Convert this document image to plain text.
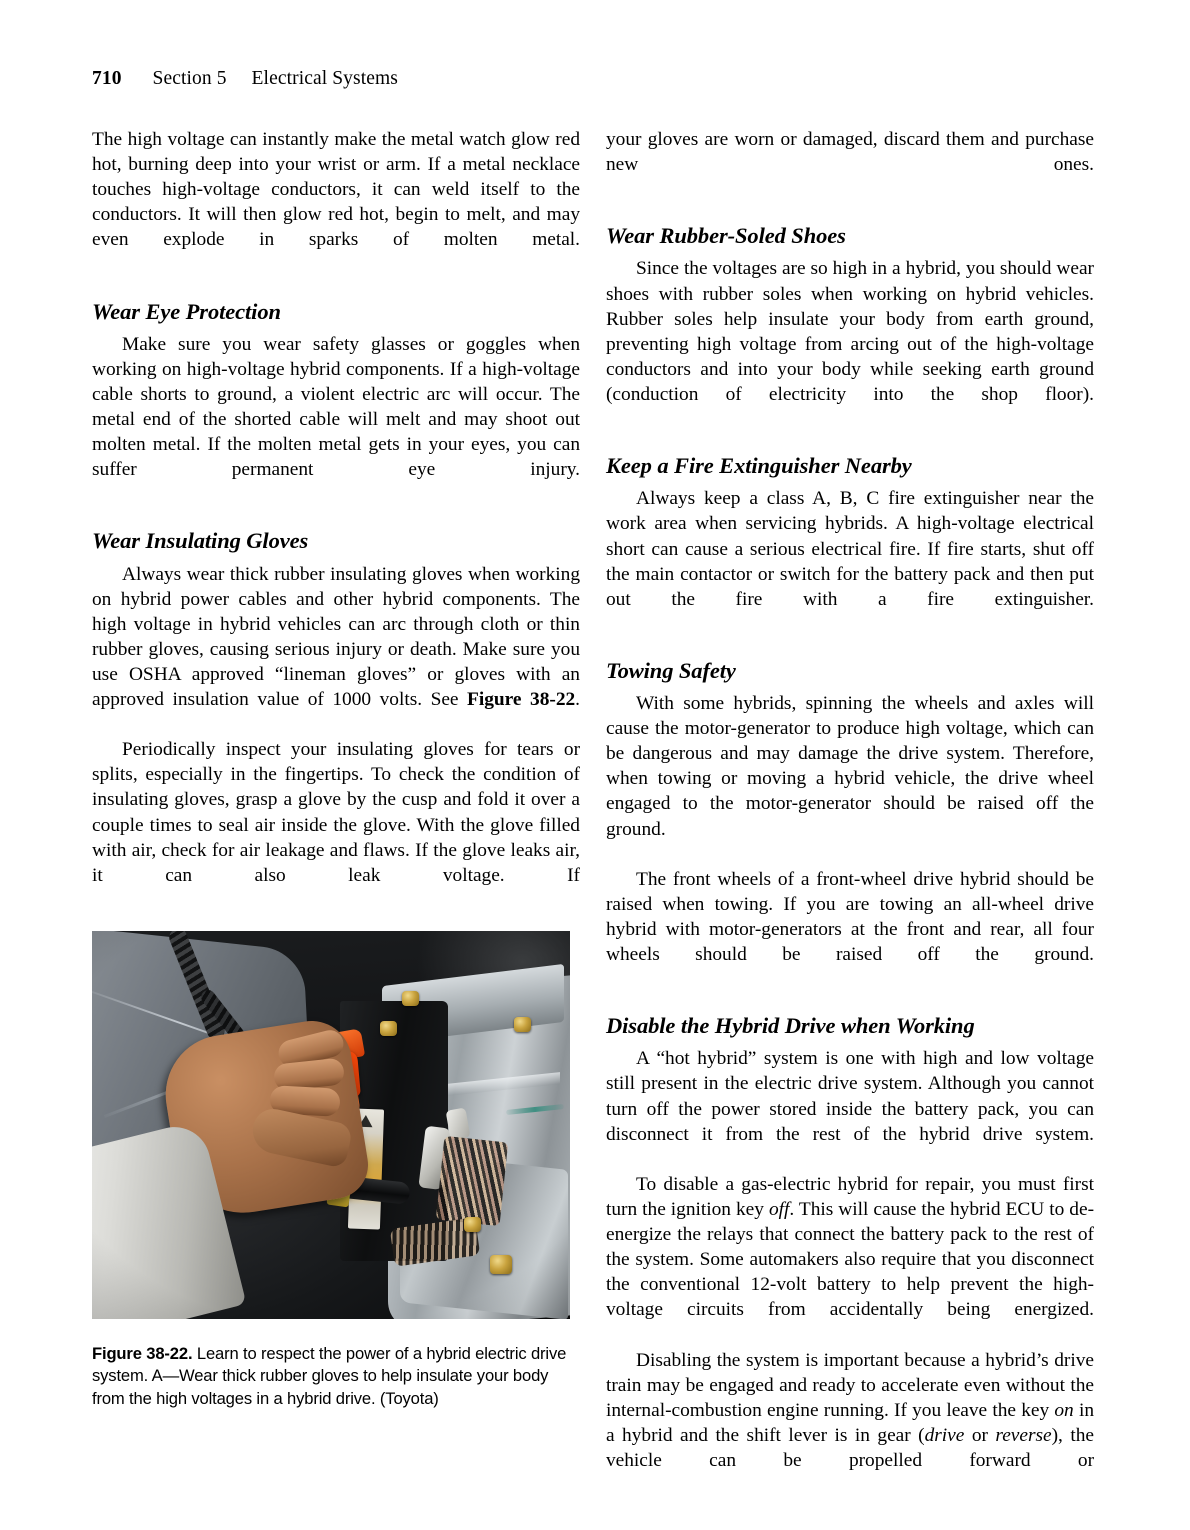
710 Section 5 Electrical Systems

The high voltage can instantly make the metal watch glow red hot, burning deep into your wrist or arm. If a metal necklace touches high-voltage conductors, it can weld itself to the conductors. It will then glow red hot, begin to melt, and may even explode in sparks of molten metal.

Wear Eye Protection

Make sure you wear safety glasses or goggles when working on high-voltage hybrid components. If a high-voltage cable shorts to ground, a violent electric arc will occur. The metal end of the shorted cable will melt and may shoot out molten metal. If the molten metal gets in your eyes, you can suffer permanent eye injury.

Wear Insulating Gloves

Always wear thick rubber insulating gloves when working on hybrid power cables and other hybrid components. The high voltage in hybrid vehicles can arc through cloth or thin rubber gloves, causing serious injury or death. Make sure you use OSHA approved “lineman gloves” or gloves with an approved insulation value of 1000 volts. See Figure 38-22.

Periodically inspect your insulating gloves for tears or splits, especially in the fingertips. To check the condition of insulating gloves, grasp a glove by the cusp and fold it over a couple times to seal air inside the glove. With the glove filled with air, check for air leakage and flaws. If the glove leaks air, it can also leak voltage. If

Figure 38-22. Learn to respect the power of a hybrid electric drive system. A—Wear thick rubber gloves to help insulate your body from the high voltages in a hybrid drive. (Toyota)

your gloves are worn or damaged, discard them and purchase new ones.

Wear Rubber-Soled Shoes

Since the voltages are so high in a hybrid, you should wear shoes with rubber soles when working on hybrid vehicles. Rubber soles help insulate your body from earth ground, preventing high voltage from arcing out of the high-voltage conductors and into your body while seeking earth ground (conduction of electricity into the shop floor).

Keep a Fire Extinguisher Nearby

Always keep a class A, B, C fire extinguisher near the work area when servicing hybrids. A high-voltage electrical short can cause a serious electrical fire. If fire starts, shut off the main contactor or switch for the battery pack and then put out the fire with a fire extinguisher.

Towing Safety

With some hybrids, spinning the wheels and axles will cause the motor-generator to produce high voltage, which can be dangerous and may damage the drive system. Therefore, when towing or moving a hybrid vehicle, the drive wheel engaged to the motor-generator should be raised off the ground.

The front wheels of a front-wheel drive hybrid should be raised when towing. If you are towing an all-wheel drive hybrid with motor-generators at the front and rear, all four wheels should be raised off the ground.

Disable the Hybrid Drive when Working

A “hot hybrid” system is one with high and low voltage still present in the electric drive system. Although you cannot turn off the power stored inside the battery pack, you can disconnect it from the rest of the hybrid drive system.

To disable a gas-electric hybrid for repair, you must first turn the ignition key off. This will cause the hybrid ECU to de-energize the relays that connect the battery pack to the rest of the system. Some automakers also require that you disconnect the conventional 12-volt battery to help prevent the high-voltage circuits from accidentally being energized.

Disabling the system is important because a hybrid’s drive train may be engaged and ready to accelerate even without the internal-combustion engine running. If you leave the key on in a hybrid and the shift lever is in gear (drive or reverse), the vehicle can be propelled forward or
